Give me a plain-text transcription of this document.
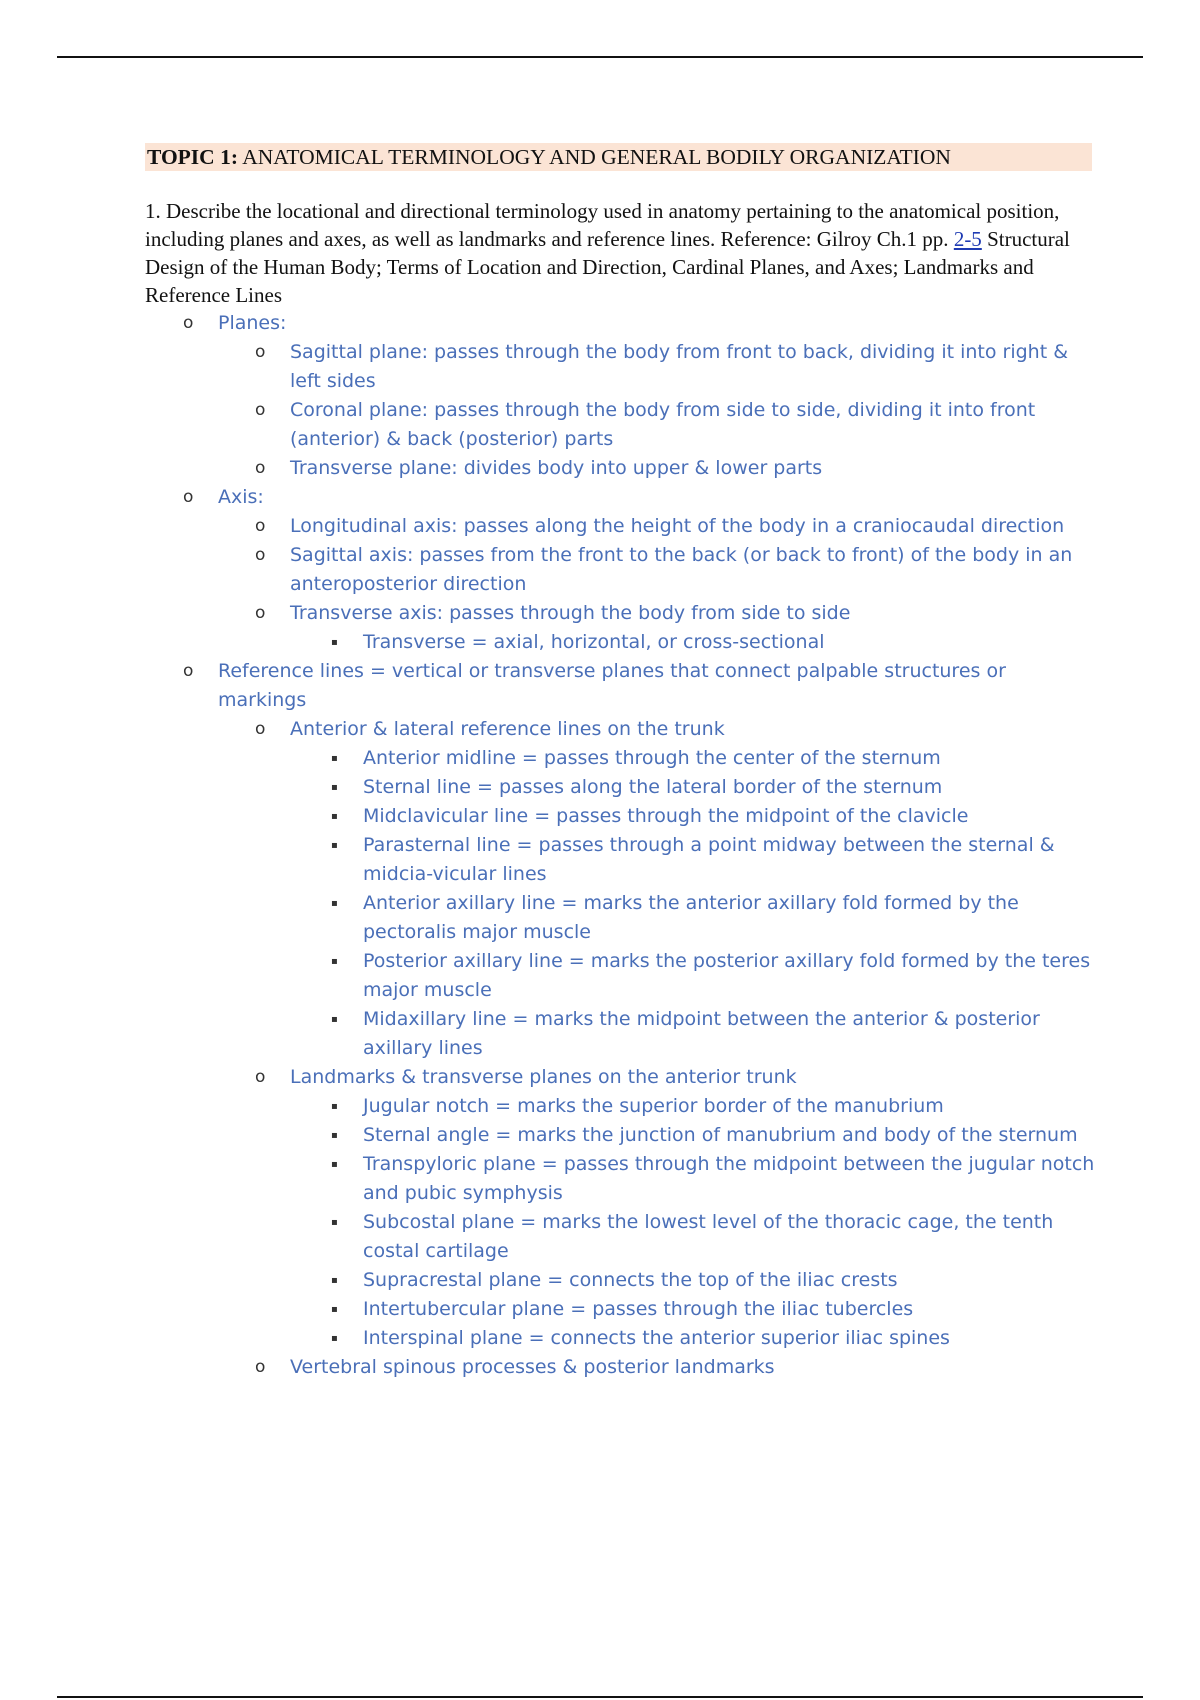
TOPIC 1: ANATOMICAL TERMINOLOGY AND GENERAL BODILY ORGANIZATION
1. Describe the locational and directional terminology used in anatomy pertaining to the anatomical position, including planes and axes, as well as landmarks and reference lines. Reference: Gilroy Ch.1 pp. 2-5 Structural Design of the Human Body; Terms of Location and Direction, Cardinal Planes, and Axes; Landmarks and Reference Lines
o Planes:
o Sagittal plane: passes through the body from front to back, dividing it into right & left sides
o Coronal plane: passes through the body from side to side, dividing it into front (anterior) & back (posterior) parts
o Transverse plane: divides body into upper & lower parts
o Axis:
o Longitudinal axis: passes along the height of the body in a craniocaudal direction
o Sagittal axis: passes from the front to the back (or back to front) of the body in an anteroposterior direction
o Transverse axis: passes through the body from side to side
▪ Transverse = axial, horizontal, or cross-sectional
o Reference lines = vertical or transverse planes that connect palpable structures or markings
o Anterior & lateral reference lines on the trunk
▪ Anterior midline = passes through the center of the sternum
▪ Sternal line = passes along the lateral border of the sternum
▪ Midclavicular line = passes through the midpoint of the clavicle
▪ Parasternal line = passes through a point midway between the sternal & midcia-vicular lines
▪ Anterior axillary line = marks the anterior axillary fold formed by the pectoralis major muscle
▪ Posterior axillary line = marks the posterior axillary fold formed by the teres major muscle
▪ Midaxillary line = marks the midpoint between the anterior & posterior axillary lines
o Landmarks & transverse planes on the anterior trunk
▪ Jugular notch = marks the superior border of the manubrium
▪ Sternal angle = marks the junction of manubrium and body of the sternum
▪ Transpyloric plane = passes through the midpoint between the jugular notch and pubic symphysis
▪ Subcostal plane = marks the lowest level of the thoracic cage, the tenth costal cartilage
▪ Supracrestal plane = connects the top of the iliac crests
▪ Intertubercular plane = passes through the iliac tubercles
▪ Interspinal plane = connects the anterior superior iliac spines
o Vertebral spinous processes & posterior landmarks
